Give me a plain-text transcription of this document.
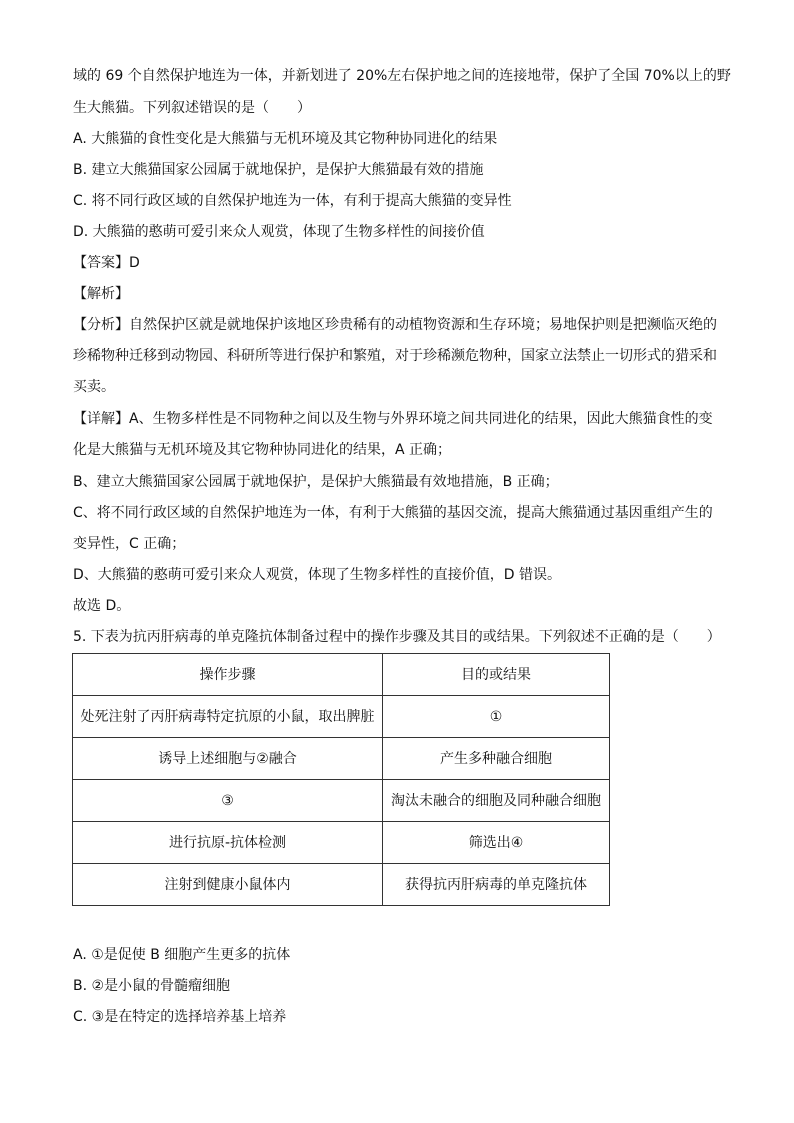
域的 69 个自然保护地连为一体，并新划进了 20%左右保护地之间的连接地带，保护了全国 70%以上的野
生大熊猫。下列叙述错误的是（　　）
A. 大熊猫的食性变化是大熊猫与无机环境及其它物种协同进化的结果
B. 建立大熊猫国家公园属于就地保护，是保护大熊猫最有效的措施
C. 将不同行政区域的自然保护地连为一体，有利于提高大熊猫的变异性
D. 大熊猫的憨萌可爱引来众人观赏，体现了生物多样性的间接价值
【答案】D
【解析】
【分析】自然保护区就是就地保护该地区珍贵稀有的动植物资源和生存环境；易地保护则是把濒临灭绝的
珍稀物种迁移到动物园、科研所等进行保护和繁殖，对于珍稀濒危物种，国家立法禁止一切形式的猎采和
买卖。
【详解】A、生物多样性是不同物种之间以及生物与外界环境之间共同进化的结果，因此大熊猫食性的变
化是大熊猫与无机环境及其它物种协同进化的结果，A 正确；
B、建立大熊猫国家公园属于就地保护，是保护大熊猫最有效地措施，B 正确；
C、将不同行政区域的自然保护地连为一体，有利于大熊猫的基因交流，提高大熊猫通过基因重组产生的
变异性，C 正确；
D、大熊猫的憨萌可爱引来众人观赏，体现了生物多样性的直接价值，D 错误。
故选 D。
5. 下表为抗丙肝病毒的单克隆抗体制备过程中的操作步骤及其目的或结果。下列叙述不正确的是（　　）
操作步骤	目的或结果
处死注射了丙肝病毒特定抗原的小鼠，取出脾脏	①
诱导上述细胞与②融合	产生多种融合细胞
③	淘汰未融合的细胞及同种融合细胞
进行抗原-抗体检测	筛选出④
注射到健康小鼠体内	获得抗丙肝病毒的单克隆抗体
A. ①是促使 B 细胞产生更多的抗体
B. ②是小鼠的骨髓瘤细胞
C. ③是在特定的选择培养基上培养
